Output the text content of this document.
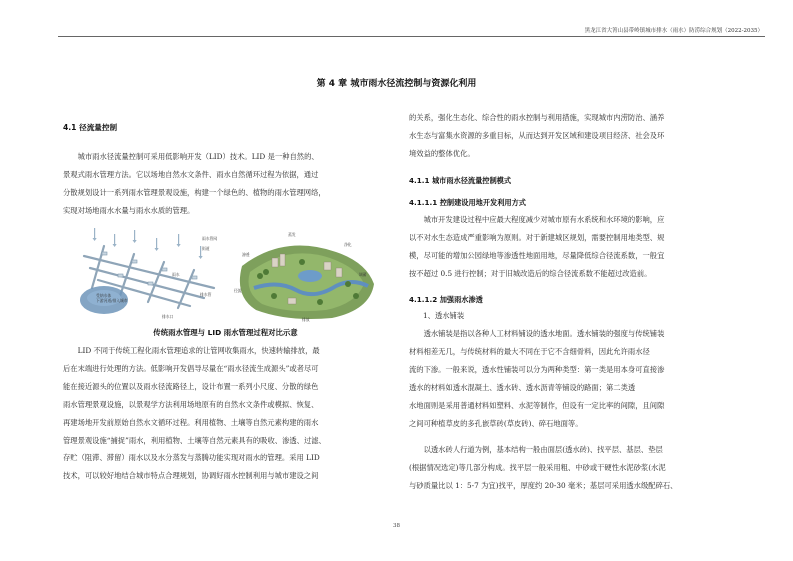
黑龙江省大箐山县带岭镇城市排水（雨水）防涝综合规划（2022-2035）
第 4 章 城市雨水径流控制与资源化利用
4.1 径流量控制
城市雨水径流量控制可采用低影响开发（LID）技术。LID 是一种自然的、
景观式雨水管理方法。它以场地自然水文条件、雨水自然循环过程为依据，通过
分散规划设计一系列雨水管理景观设施，构建一个绿色的、植物的雨水管理网络，
实现对场地雨水水量与雨水水质的管理。
受纳水体
下游河道/排入城市
雨水管网
街道
雨水
排水管
排水口
蒸发
渗透
净化
调蓄
径流
排放
传统雨水管理与 LID 雨水管理过程对比示意
LID 不同于传统工程化雨水管理追求的让管网收集雨水，快速转输排放，最
后在末端进行处理的方法。低影响开发倡导尽量在“雨水径流生成源头”或者尽可
能在接近源头的位置以及雨水径流路径上，设计布置一系列小尺度、分散的绿色
雨水管理景观设施，以景观学方法利用场地原有的自然水文条件或模拟、恢复、
再建场地开发前原始自然水文循环过程。利用植物、土壤等自然元素构建的雨水
管理景观设施“捕捉”雨水，利用植物、土壤等自然元素具有的吸收、渗透、过滤、
存贮（阻滞、滞留）雨水以及水分蒸发与蒸腾功能实现对雨水的管理。采用 LID
技术，可以较好地结合城市特点合理规划，协调好雨水控制利用与城市建设之间
的关系，强化生态化、综合性的雨水控制与利用措施，实现城市内涝防治、涵养
水生态与富集水资源的多重目标，从而达到开发区域和建设项目经济、社会及环
境效益的整体优化。
4.1.1 城市雨水径流量控制模式
4.1.1.1 控制建设用地开发利用方式
城市开发建设过程中应最大程度减少对城市原有水系统和水环境的影响，应
以不对水生态造成严重影响为原则。对于新建城区规划，需要控制用地类型、规
模，尽可能的增加公园绿地等渗透性地面用地，尽量降低综合径流系数，一般宜
按不超过 0.5 进行控制；对于旧城改造后的综合径流系数不能超过改造前。
4.1.1.2 加强雨水渗透
1、透水铺装
透水铺装是指以各种人工材料铺设的透水地面。透水铺装的强度与传统铺装
材料相差无几，与传统材料的最大不同在于它不含细骨料，因此允许雨水径
流的下渗。一般来说，透水性铺装可以分为两种类型：第一类是用本身可直接渗
透水的材料如透水混凝土、透水砖、透水沥青等铺设的路面；第二类透
水地面则是采用普通材料如塑料、水泥等制作，但设有一定比率的间隙，且间隙
之间可种植草皮的多孔嵌草砖(草皮砖)、碎石地面等。
以透水砖人行道为例，基本结构一般由面层(透水砖)、找平层、基层、垫层
(根据情况选定)等几部分构成。找平层一般采用粗、中砂或干硬性水泥砂浆(水泥
与砂质量比以 1：5-7 为宜)找平，厚度约 20-30 毫米；基层可采用透水级配碎石、
38
